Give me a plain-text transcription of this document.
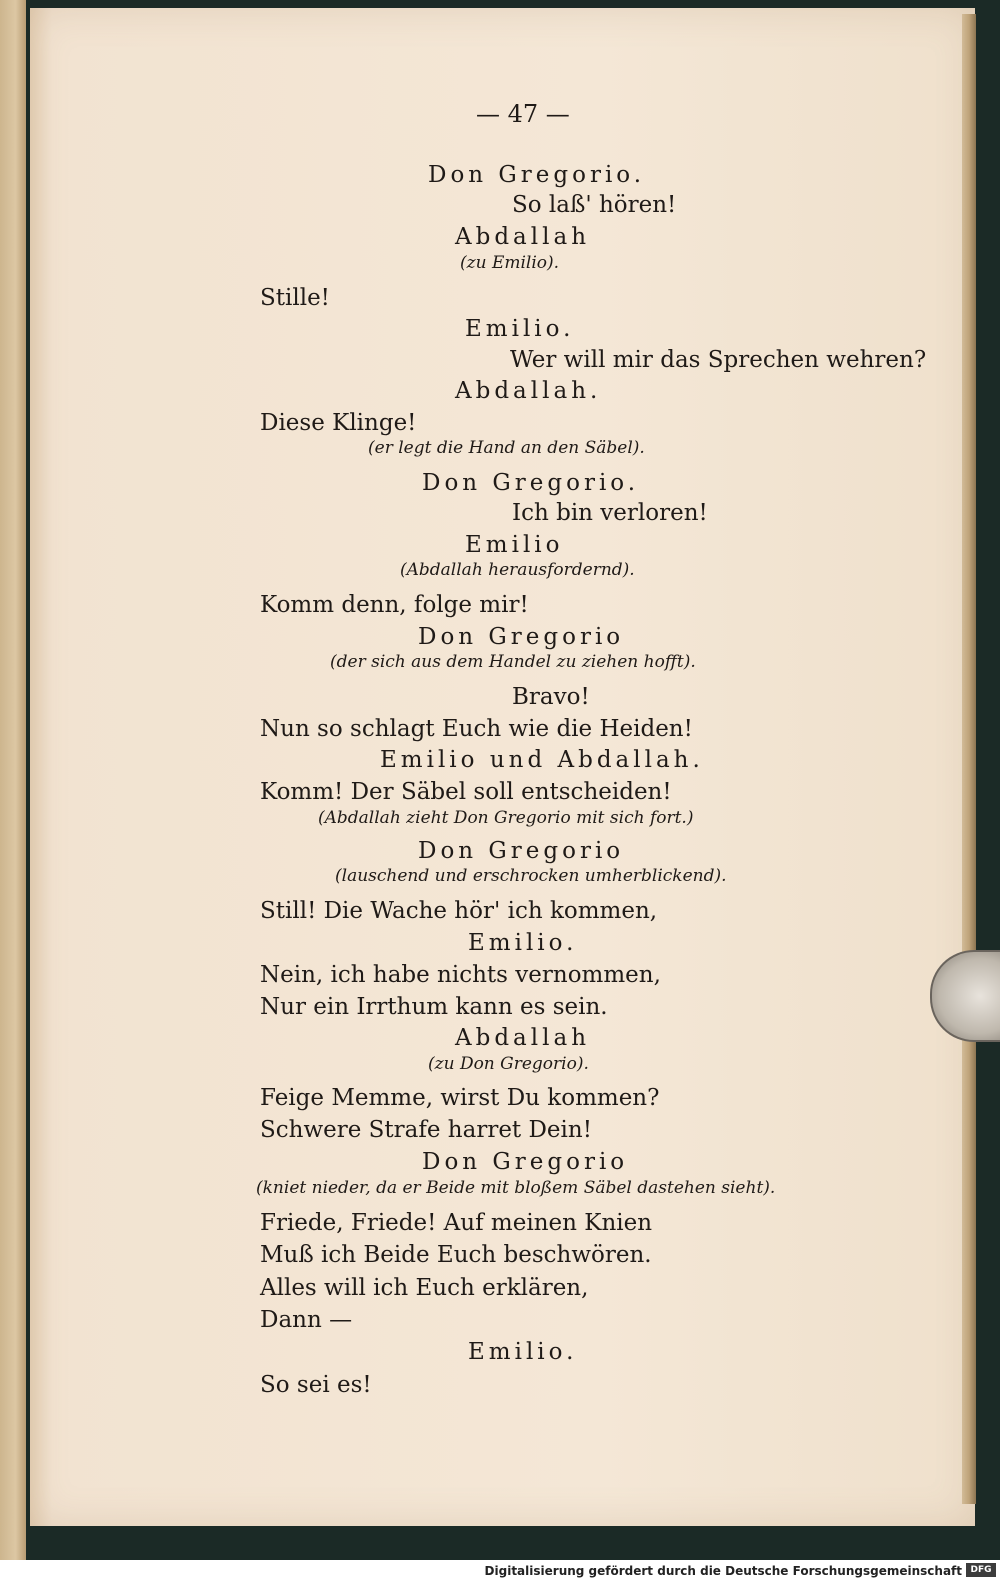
— 47 —
Don Gregorio.
So laß' hören!
Abdallah
(zu Emilio).
Stille!
Emilio.
Wer will mir das Sprechen wehren?
Abdallah.
Diese Klinge!
(er legt die Hand an den Säbel).
Don Gregorio.
Ich bin verloren!
Emilio
(Abdallah herausfordernd).
Komm denn, folge mir!
Don Gregorio
(der sich aus dem Handel zu ziehen hofft).
Bravo!
Nun so schlagt Euch wie die Heiden!
Emilio und Abdallah.
Komm! Der Säbel soll entscheiden!
(Abdallah zieht Don Gregorio mit sich fort.)
Don Gregorio
(lauschend und erschrocken umherblickend).
Still! Die Wache hör' ich kommen,
Emilio.
Nein, ich habe nichts vernommen,
Nur ein Irrthum kann es sein.
Abdallah
(zu Don Gregorio).
Feige Memme, wirst Du kommen?
Schwere Strafe harret Dein!
Don Gregorio
(kniet nieder, da er Beide mit bloßem Säbel dastehen sieht).
Friede, Friede! Auf meinen Knien
Muß ich Beide Euch beschwören.
Alles will ich Euch erklären,
Dann —
Emilio.
So sei es!
Digitalisierung gefördert durch die Deutsche Forschungsgemeinschaft DFG
